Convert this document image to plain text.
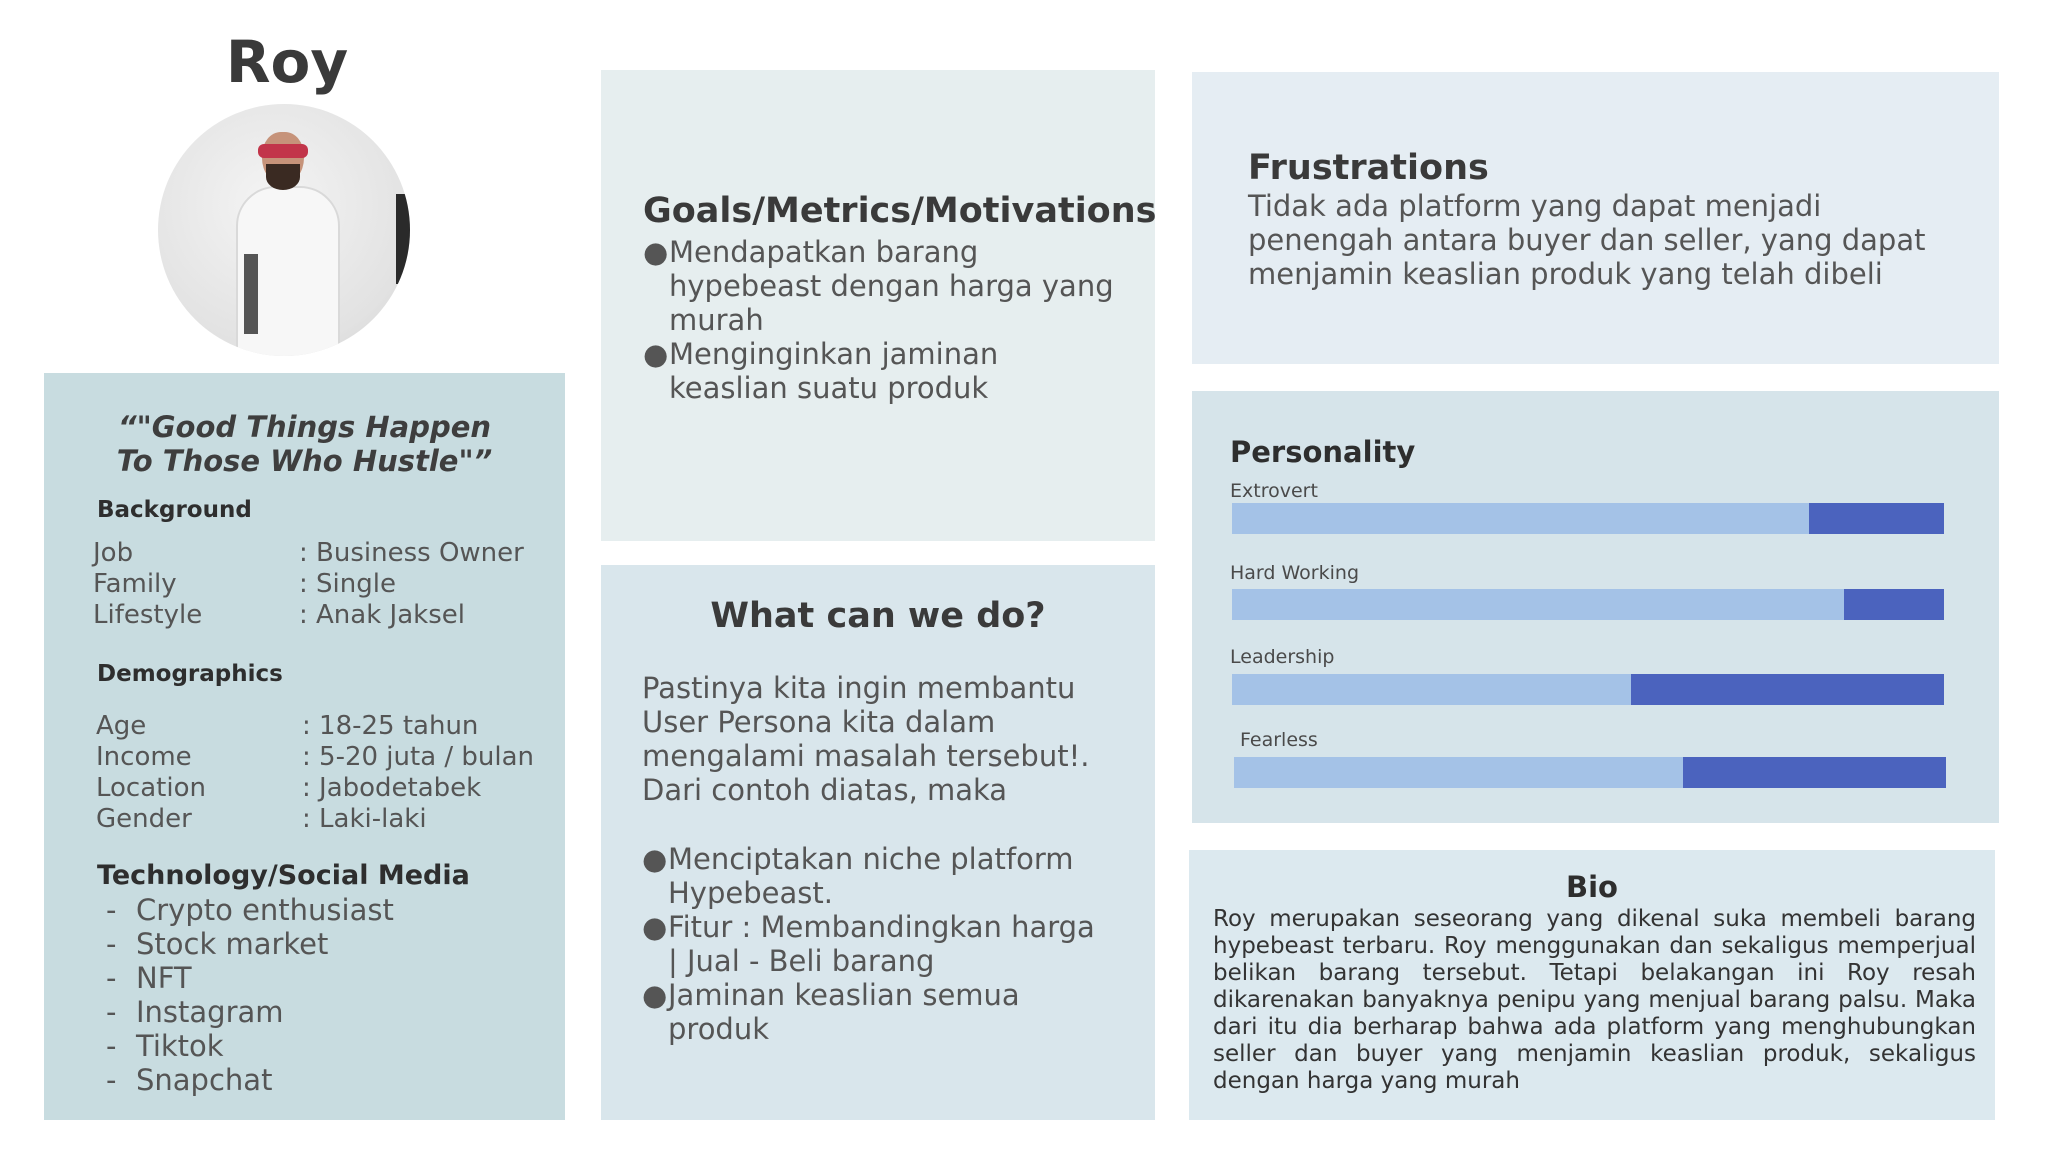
Roy
“"Good Things Happen
To Those Who Hustle"”
Background
Job	: Business Owner
Family	: Single
Lifestyle	: Anak Jaksel
Demographics
Age	: 18-25 tahun
Income	: 5-20 juta / bulan
Location	: Jabodetabek
Gender	: Laki-laki
Technology/Social Media
- Crypto enthusiast
- Stock market
- NFT
- Instagram
- Tiktok
- Snapchat
Goals/Metrics/Motivations
● Mendapatkan barang
hypebeast dengan harga yang
murah
● Menginginkan jaminan
keaslian suatu produk
What can we do?
Pastinya kita ingin membantu
User Persona kita dalam
mengalami masalah tersebut!.
Dari contoh diatas, maka
● Menciptakan niche platform
Hypebeast.
● Fitur : Membandingkan harga
| Jual - Beli barang
● Jaminan keaslian semua
produk
Frustrations
Tidak ada platform yang dapat menjadi
penengah antara buyer dan seller, yang dapat
menjamin keaslian produk yang telah dibeli
Personality
Extrovert
Hard Working
Leadership
Fearless
Bio
Roy merupakan seseorang yang dikenal suka membeli barang hypebeast terbaru. Roy menggunakan dan sekaligus memperjual belikan barang tersebut. Tetapi belakangan ini Roy resah dikarenakan banyaknya penipu yang menjual barang palsu. Maka dari itu dia berharap bahwa ada platform yang menghubungkan seller dan buyer yang menjamin keaslian produk, sekaligus dengan harga yang murah
